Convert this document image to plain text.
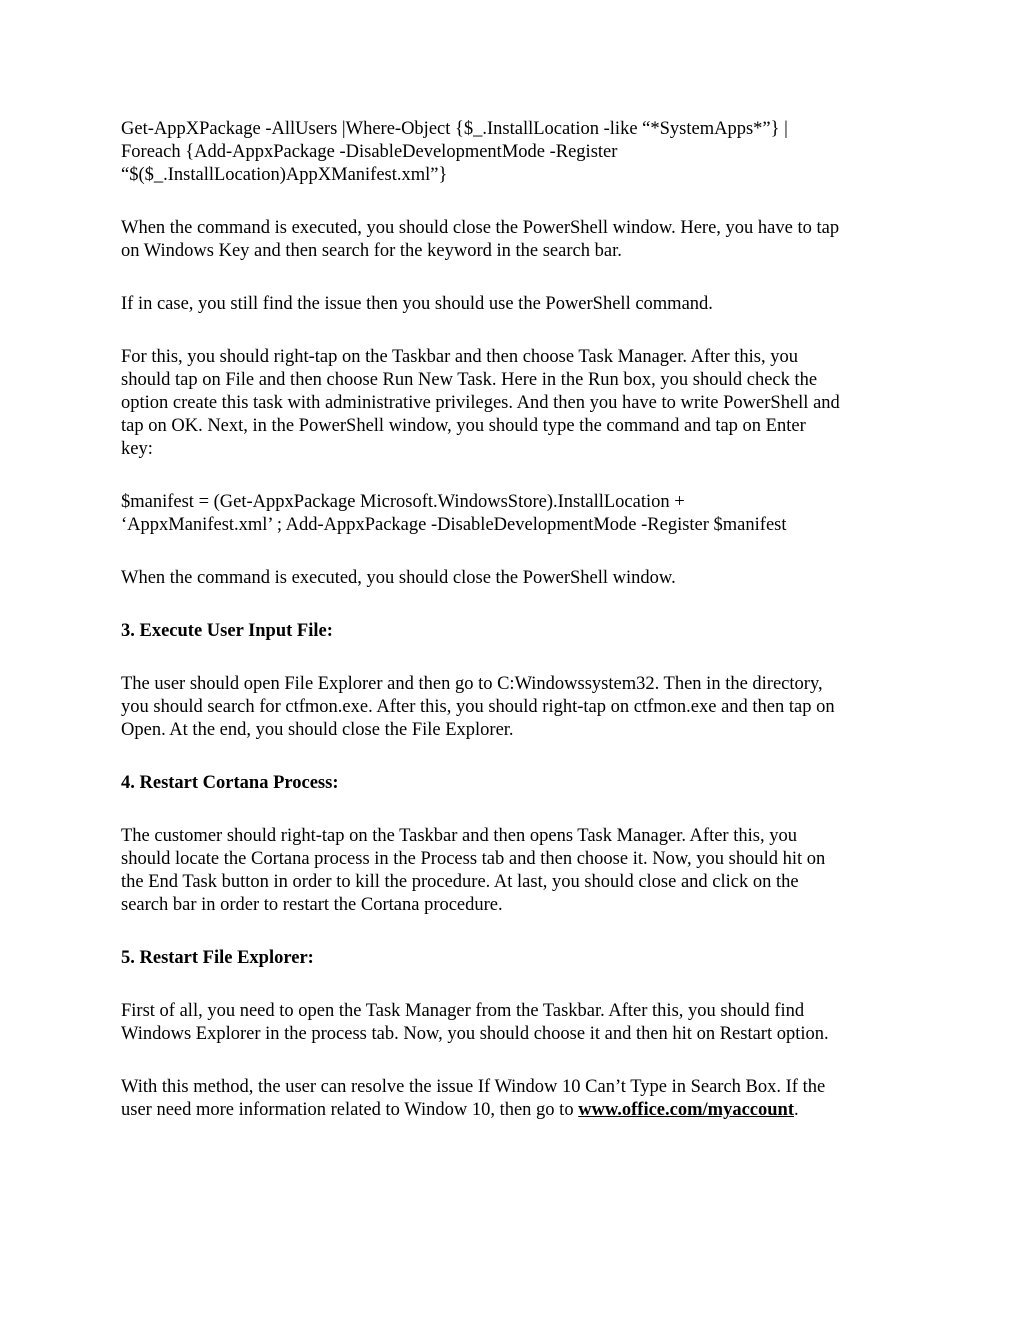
Get-AppXPackage -AllUsers |Where-Object {$_.InstallLocation -like “*SystemApps*”} |
Foreach {Add-AppxPackage -DisableDevelopmentMode -Register
“$($_.InstallLocation)AppXManifest.xml”}

When the command is executed, you should close the PowerShell window. Here, you have to tap
on Windows Key and then search for the keyword in the search bar.

If in case, you still find the issue then you should use the PowerShell command.

For this, you should right-tap on the Taskbar and then choose Task Manager. After this, you
should tap on File and then choose Run New Task. Here in the Run box, you should check the
option create this task with administrative privileges. And then you have to write PowerShell and
tap on OK. Next, in the PowerShell window, you should type the command and tap on Enter
key:

$manifest = (Get-AppxPackage Microsoft.WindowsStore).InstallLocation +
‘AppxManifest.xml’ ; Add-AppxPackage -DisableDevelopmentMode -Register $manifest

When the command is executed, you should close the PowerShell window.

3. Execute User Input File:

The user should open File Explorer and then go to C:Windowssystem32. Then in the directory,
you should search for ctfmon.exe. After this, you should right-tap on ctfmon.exe and then tap on
Open. At the end, you should close the File Explorer.

4. Restart Cortana Process:

The customer should right-tap on the Taskbar and then opens Task Manager. After this, you
should locate the Cortana process in the Process tab and then choose it. Now, you should hit on
the End Task button in order to kill the procedure. At last, you should close and click on the
search bar in order to restart the Cortana procedure.

5. Restart File Explorer:

First of all, you need to open the Task Manager from the Taskbar. After this, you should find
Windows Explorer in the process tab. Now, you should choose it and then hit on Restart option.

With this method, the user can resolve the issue If Window 10 Can’t Type in Search Box. If the
user need more information related to Window 10, then go to www.office.com/myaccount.
